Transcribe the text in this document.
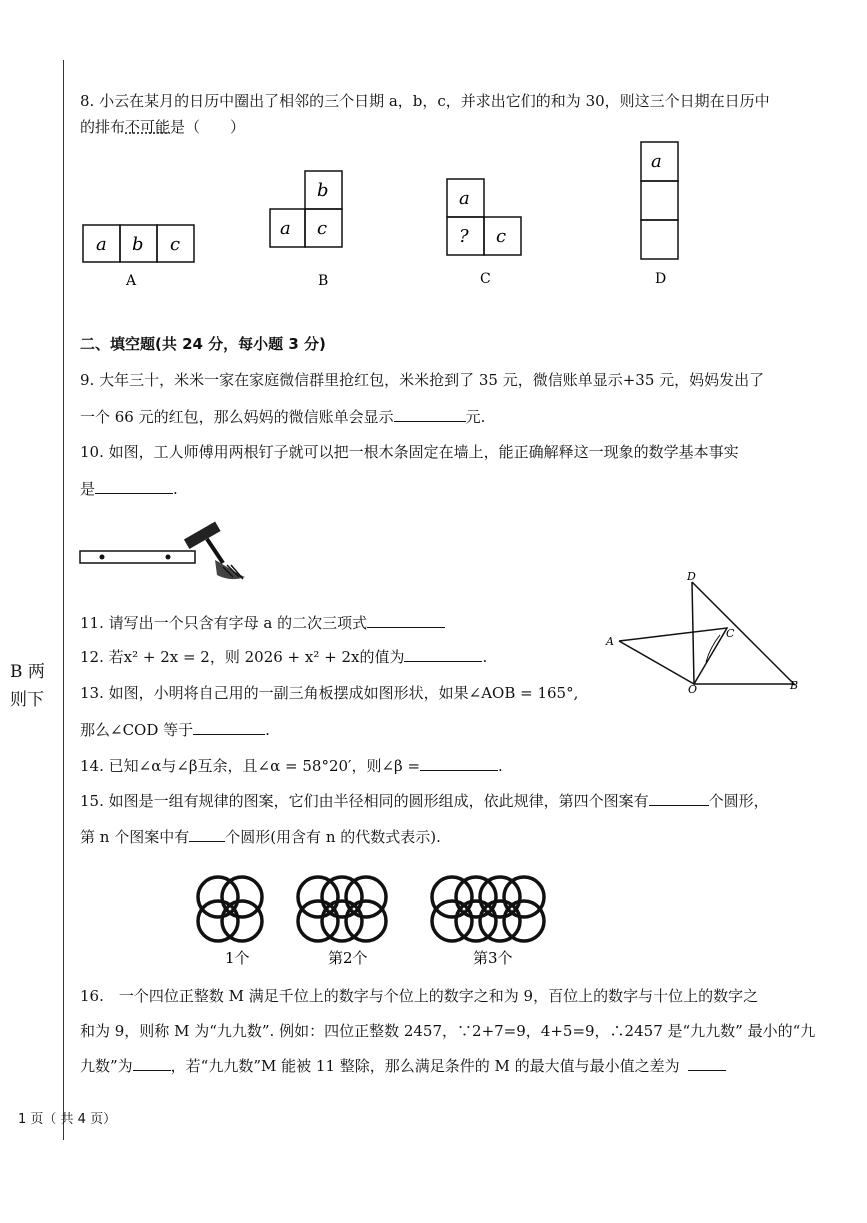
B 两
则下
8. 小云在某月的日历中圈出了相邻的三个日期 a，b，c，并求出它们的和为 30，则这三个日期在日历中
的排布不可能是（　　）
a b c
A
b
a c
B
a
? c
C
a
D
二、填空题(共 24 分，每小题 3 分)
9. 大年三十，米米一家在家庭微信群里抢红包，米米抢到了 35 元，微信账单显示+35 元，妈妈发出了
一个 66 元的红包，那么妈妈的微信账单会显示	元.
10. 如图，工人师傅用两根钉子就可以把一根木条固定在墙上，能正确解释这一现象的数学基本事实
是	.
D
A
C
O	B
11. 请写出一个只含有字母 a 的二次三项式
12. 若x² + 2x = 2，则 2026 + x² + 2x的值为	.
13. 如图，小明将自己用的一副三角板摆成如图形状，如果∠AOB = 165°,
那么∠COD 等于	.
14. 已知∠α与∠β互余，且∠α = 58°20′，则∠β =	.
15. 如图是一组有规律的图案，它们由半径相同的圆形组成，依此规律，第四个图案有	个圆形，
第 n 个图案中有 个圆形(用含有 n 的代数式表示).
1个	第2个	第3个
16.　一个四位正整数 M 满足千位上的数字与个位上的数字之和为 9，百位上的数字与十位上的数字之
和为 9，则称 M 为“九九数”. 例如：四位正整数 2457，∵2+7=9，4+5=9，∴2457 是“九九数” 最小的“九
九数”为	，若“九九数”M 能被 11 整除，那么满足条件的 M 的最大值与最小值之差为
1 页（ 共 4 页）
